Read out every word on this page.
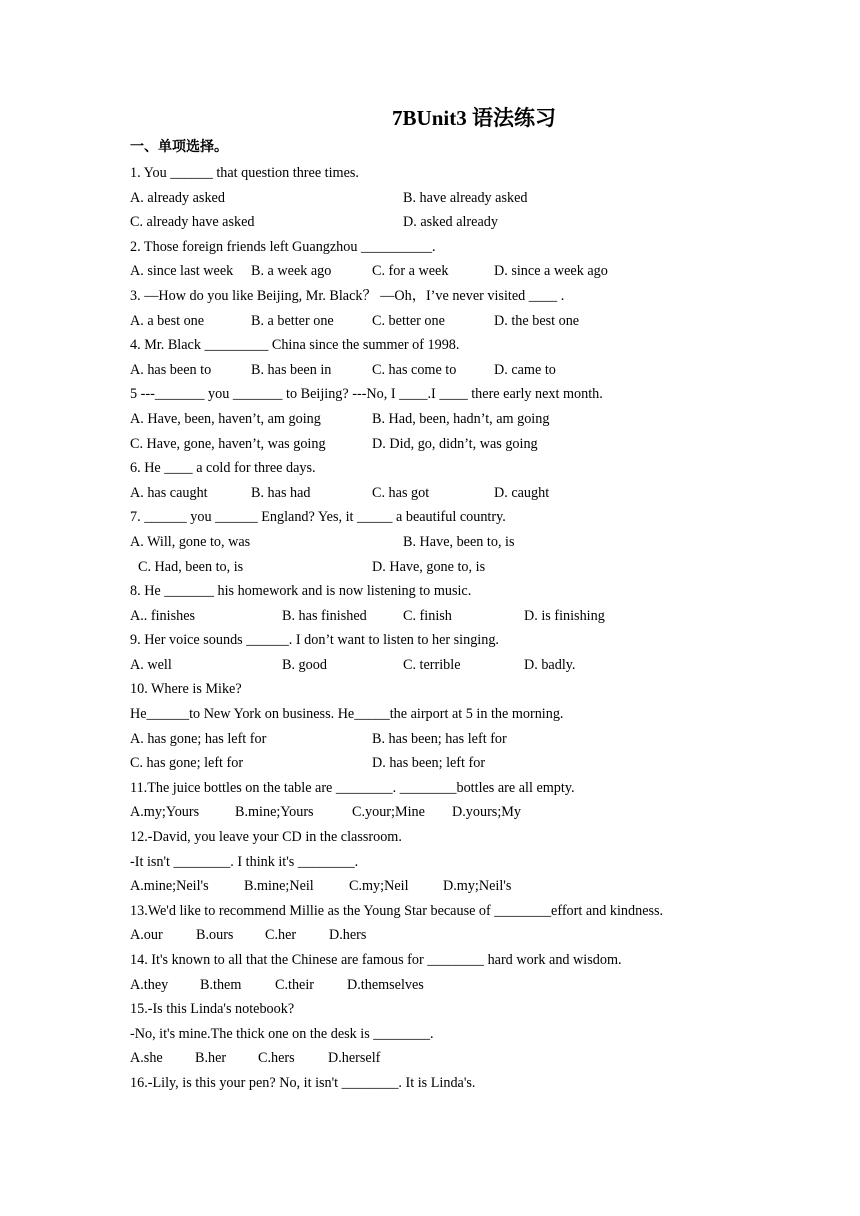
7BUnit3 语法练习
一、单项选择。
1. You ______ that question three times.
A. already asked	B. have already asked
C. already have asked	D. asked already
2. Those foreign friends left Guangzhou __________.
A. since last week B. a week ago	C. for a week	D. since a week ago
3. —How do you like Beijing, Mr. Black？ —Oh，I’ve never visited ____ .
A. a best one	B. a better one	C. better one	D. the best one
4. Mr. Black _________ China since the summer of 1998.
A. has been to	B. has been in	C. has come to	D. came to
5 ---_______ you _______ to Beijing? ---No, I ____.I ____ there early next month.
A. Have, been, haven’t, am going	B. Had, been, hadn’t, am going
C. Have, gone, haven’t, was going	D. Did, go, didn’t, was going
6. He ____ a cold for three days.
A. has caught	B. has had	C. has got	D. caught
7. ______ you ______ England? Yes, it _____ a beautiful country.
A. Will, gone to, was	B. Have, been to, is
C. Had, been to, is	D. Have, gone to, is
8. He _______ his homework and is now listening to music.
A.. finishes	B. has finished	C. finish	D. is finishing
9. Her voice sounds ______. I don’t want to listen to her singing.
A. well	B. good	C. terrible	D. badly.
10. Where is Mike?
He______to New York on business. He_____the airport at 5 in the morning.
A. has gone; has left for	B. has been; has left for
C. has gone; left for	D. has been; left for
11.The juice bottles on the table are ________. ________bottles are all empty.
A.my;Yours	B.mine;Yours	C.your;Mine D.yours;My
12.-David, you leave your CD in the classroom.
-It isn't ________. I think it's ________.
A.mine;Neil's B.mine;Neil C.my;Neil D.my;Neil's
13.We'd like to recommend Millie as the Young Star because of ________effort and kindness.
A.our B.ours C.her D.hers
14. It's known to all that the Chinese are famous for ________ hard work and wisdom.
A.they B.them C.their D.themselves
15.-Is this Linda's notebook?
-No, it's mine.The thick one on the desk is ________.
A.she B.her C.hers D.herself
16.-Lily, is this your pen? No, it isn't ________. It is Linda's.
